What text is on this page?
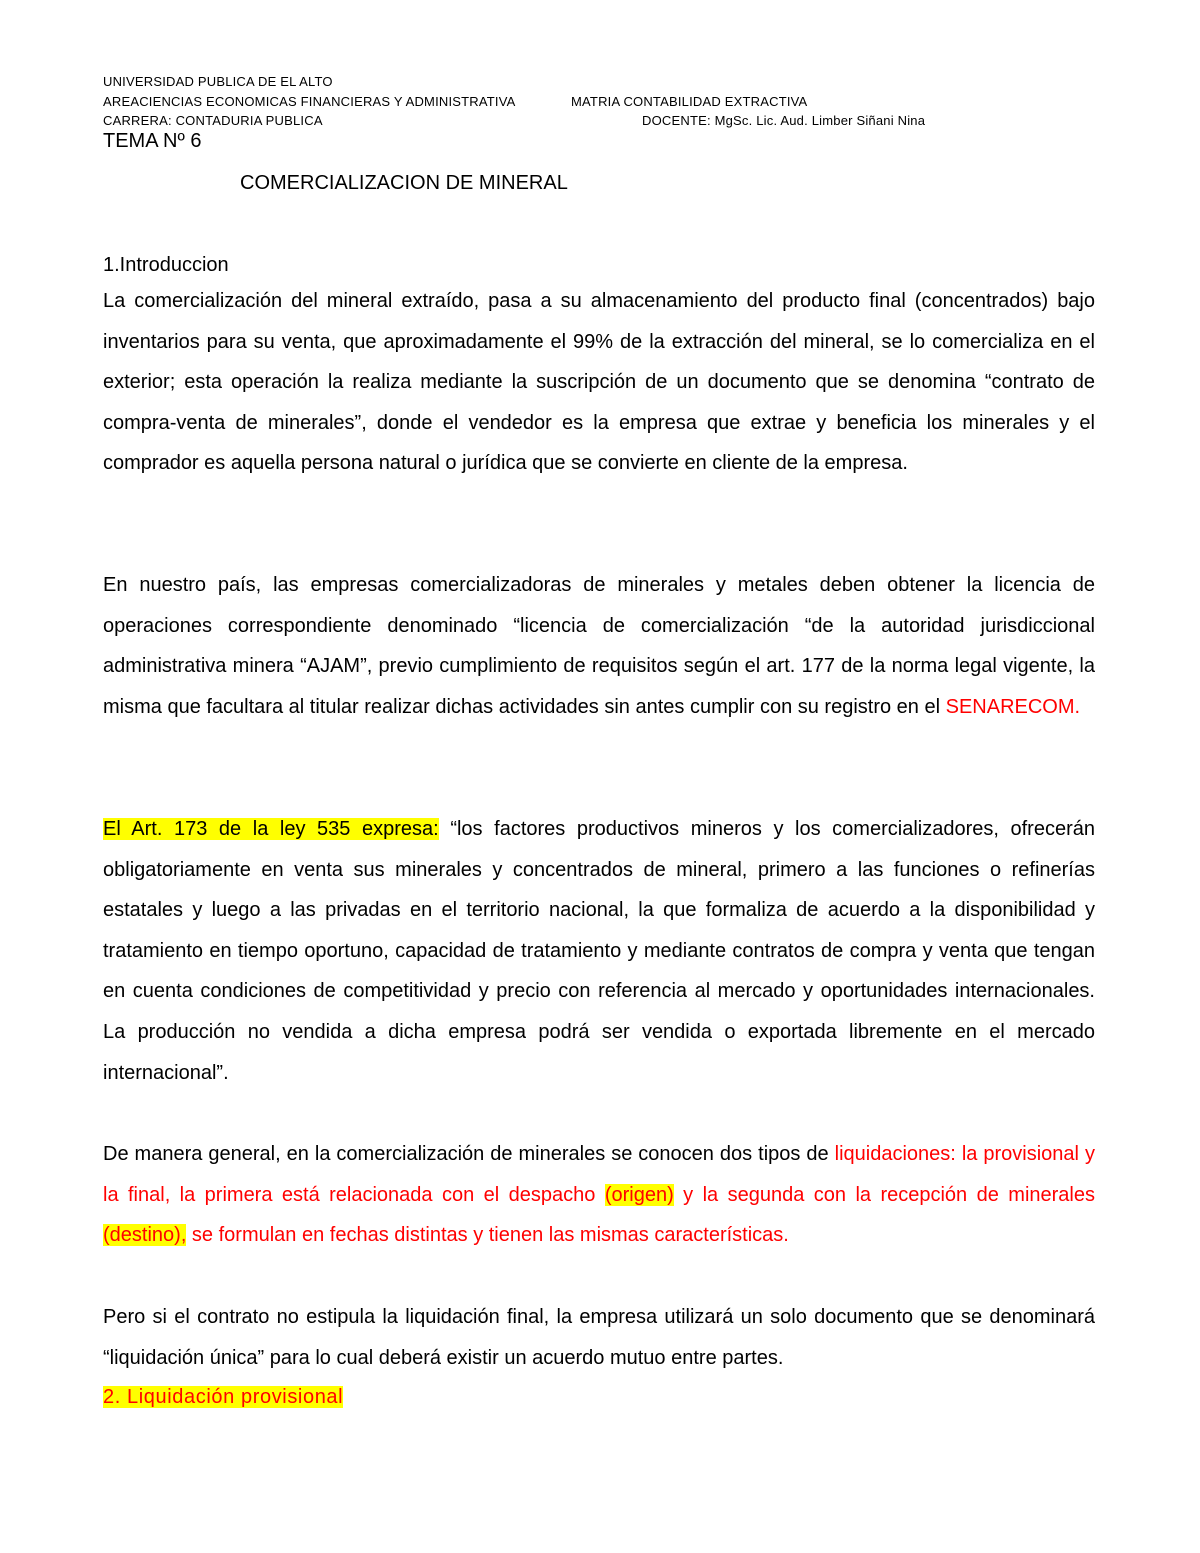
UNIVERSIDAD PUBLICA DE EL ALTO
AREACIENCIAS ECONOMICAS FINANCIERAS Y ADMINISTRATIVA	MATRIA CONTABILIDAD EXTRACTIVA
CARRERA: CONTADURIA PUBLICA	DOCENTE: MgSc. Lic. Aud. Limber Siñani Nina
TEMA Nº 6
COMERCIALIZACION DE MINERAL
1.Introduccion
La comercialización del mineral extraído, pasa a su almacenamiento del producto final (concentrados) bajo inventarios para su venta, que aproximadamente el 99% de la extracción del mineral, se lo comercializa en el exterior; esta operación la realiza mediante la suscripción de un documento que se denomina “contrato de compra-venta de minerales”, donde el vendedor es la empresa que extrae y beneficia los minerales y el comprador es aquella persona natural o jurídica que se convierte en cliente de la empresa.
En nuestro país, las empresas comercializadoras de minerales y metales deben obtener la licencia de operaciones correspondiente denominado “licencia de comercialización “de la autoridad jurisdiccional administrativa minera “AJAM”, previo cumplimiento de requisitos según el art. 177 de la norma legal vigente, la misma que facultara al titular realizar dichas actividades sin antes cumplir con su registro en el SENARECOM.
El Art. 173 de la ley 535 expresa: “los factores productivos mineros y los comercializadores, ofrecerán obligatoriamente en venta sus minerales y concentrados de mineral, primero a las funciones o refinerías estatales y luego a las privadas en el territorio nacional, la que formaliza de acuerdo a la disponibilidad y tratamiento en tiempo oportuno, capacidad de tratamiento y mediante contratos de compra y venta que tengan en cuenta condiciones de competitividad y precio con referencia al mercado y oportunidades internacionales. La producción no vendida a dicha empresa podrá ser vendida o exportada libremente en el mercado internacional”.
De manera general, en la comercialización de minerales se conocen dos tipos de liquidaciones: la provisional y la final, la primera está relacionada con el despacho (origen) y la segunda con la recepción de minerales (destino), se formulan en fechas distintas y tienen las mismas características.
Pero si el contrato no estipula la liquidación final, la empresa utilizará un solo documento que se denominará “liquidación única” para lo cual deberá existir un acuerdo mutuo entre partes.
2. Liquidación provisional
